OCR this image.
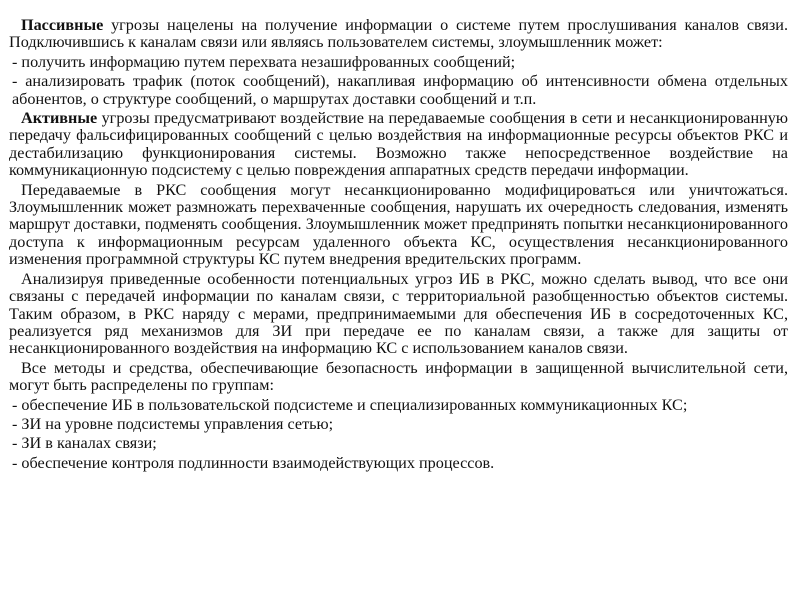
Пассивные угрозы нацелены на получение информации о системе путем прослушивания каналов связи. Подключившись к каналам связи или являясь пользователем системы, злоумышленник может:

- получить информацию путем перехвата незашифрованных сообщений;

- анализировать трафик (поток сообщений), накапливая информацию об интенсивности обмена отдельных абонентов, о структуре сообщений, о маршрутах доставки сообщений и т.п.

Активные угрозы предусматривают воздействие на передаваемые сообщения в сети и несанкционированную передачу фальсифицированных сообщений с целью воздействия на информационные ресурсы объектов РКС и дестабилизацию функционирования системы. Возможно также непосредственное воздействие на коммуникационную подсистему с целью повреждения аппаратных средств передачи информации.

Передаваемые в РКС сообщения могут несанкционированно модифицироваться или уничтожаться. Злоумышленник может размножать перехваченные сообщения, нарушать их очередность следования, изменять маршрут доставки, подменять сообщения. Злоумышленник может предпринять попытки несанкционированного доступа к информационным ресурсам удаленного объекта КС, осуществления несанкционированного изменения программной структуры КС путем внедрения вредительских программ.

Анализируя приведенные особенности потенциальных угроз ИБ в РКС, можно сделать вывод, что все они связаны с передачей информации по каналам связи, с территориальной разобщенностью объектов системы. Таким образом, в РКС наряду с мерами, предпринимаемыми для обеспечения ИБ в сосредоточенных КС, реализуется ряд механизмов для ЗИ при передаче ее по каналам связи, а также для защиты от несанкционированного воздействия на информацию КС с использованием каналов связи.

Все методы и средства, обеспечивающие безопасность информации в защищенной вычислительной сети, могут быть распределены по группам:

- обеспечение ИБ в пользовательской подсистеме и специализированных коммуникационных КС;

- ЗИ на уровне подсистемы управления сетью;

- ЗИ в каналах связи;

- обеспечение контроля подлинности взаимодействующих процессов.
